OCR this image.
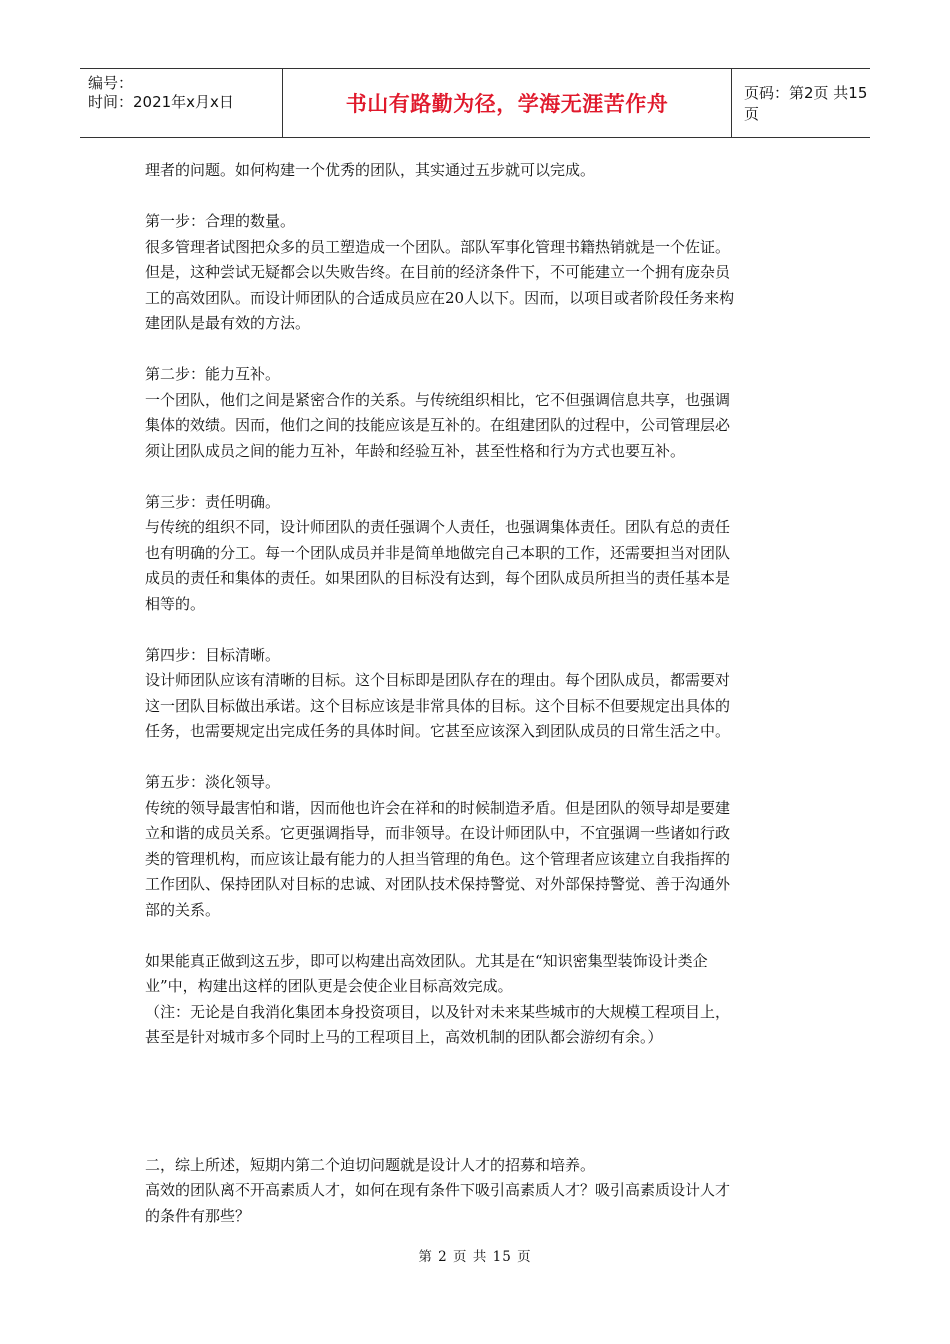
编号：
时间：2021年x月x日	书山有路勤为径，学海无涯苦作舟	页码：第2页 共15页

理者的问题。如何构建一个优秀的团队，其实通过五步就可以完成。

第一步：合理的数量。

很多管理者试图把众多的员工塑造成一个团队。部队军事化管理书籍热销就是一个佐证。

但是，这种尝试无疑都会以失败告终。在目前的经济条件下，不可能建立一个拥有庞杂员

工的高效团队。而设计师团队的合适成员应在20人以下。因而，以项目或者阶段任务来构

建团队是最有效的方法。

第二步：能力互补。

一个团队，他们之间是紧密合作的关系。与传统组织相比，它不但强调信息共享，也强调

集体的效绩。因而，他们之间的技能应该是互补的。在组建团队的过程中，公司管理层必

须让团队成员之间的能力互补，年龄和经验互补，甚至性格和行为方式也要互补。

第三步：责任明确。

与传统的组织不同，设计师团队的责任强调个人责任，也强调集体责任。团队有总的责任

也有明确的分工。每一个团队成员并非是简单地做完自己本职的工作，还需要担当对团队

成员的责任和集体的责任。如果团队的目标没有达到，每个团队成员所担当的责任基本是

相等的。

第四步：目标清晰。

设计师团队应该有清晰的目标。这个目标即是团队存在的理由。每个团队成员，都需要对

这一团队目标做出承诺。这个目标应该是非常具体的目标。这个目标不但要规定出具体的

任务，也需要规定出完成任务的具体时间。它甚至应该深入到团队成员的日常生活之中。

第五步：淡化领导。

传统的领导最害怕和谐，因而他也许会在祥和的时候制造矛盾。但是团队的领导却是要建

立和谐的成员关系。它更强调指导，而非领导。在设计师团队中，不宜强调一些诸如行政

类的管理机构，而应该让最有能力的人担当管理的角色。这个管理者应该建立自我指挥的

工作团队、保持团队对目标的忠诚、对团队技术保持警觉、对外部保持警觉、善于沟通外

部的关系。

如果能真正做到这五步，即可以构建出高效团队。尤其是在“知识密集型装饰设计类企

业”中，构建出这样的团队更是会使企业目标高效完成。

（注：无论是自我消化集团本身投资项目，以及针对未来某些城市的大规模工程项目上，

甚至是针对城市多个同时上马的工程项目上，高效机制的团队都会游纫有余。）

二，综上所述，短期内第二个迫切问题就是设计人才的招募和培养。

高效的团队离不开高素质人才，如何在现有条件下吸引高素质人才？吸引高素质设计人才

的条件有那些？

第 2 页 共 15 页
